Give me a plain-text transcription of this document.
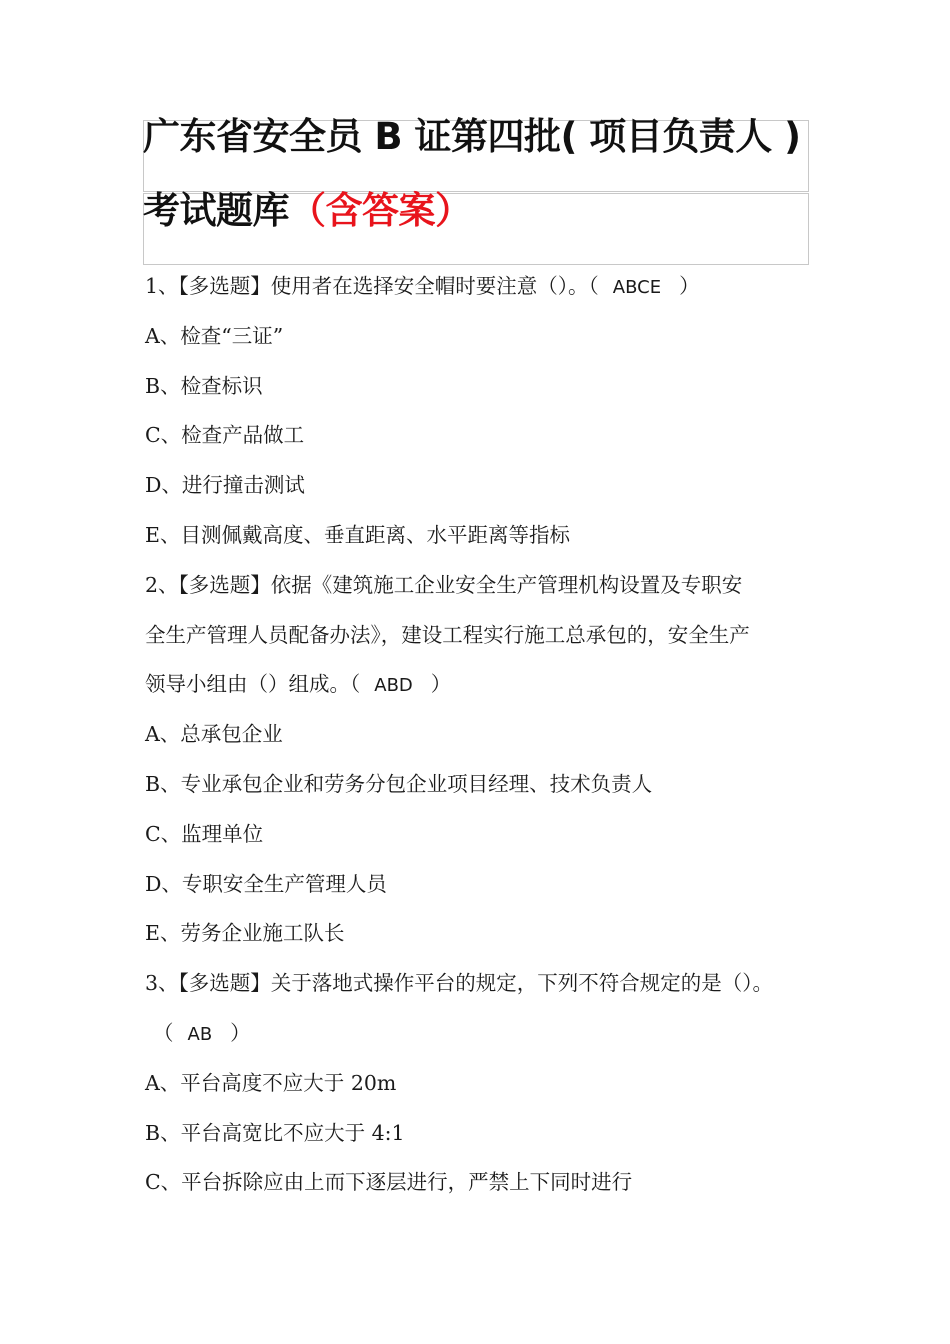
广东省安全员 B 证第四批( 项目负责人 )
考试题库（含答案）
1、【多选题】使用者在选择安全帽时要注意（）。（ ABCE ）
A、检查“三证”
B、检查标识
C、检查产品做工
D、进行撞击测试
E、目测佩戴高度、垂直距离、水平距离等指标
2、【多选题】依据《建筑施工企业安全生产管理机构设置及专职安
全生产管理人员配备办法》，建设工程实行施工总承包的，安全生产
领导小组由（）组成。（ ABD ）
A、总承包企业
B、专业承包企业和劳务分包企业项目经理、技术负责人
C、监理单位
D、专职安全生产管理人员
E、劳务企业施工队长
3、【多选题】关于落地式操作平台的规定，下列不符合规定的是（）。
（ AB ）
A、平台高度不应大于 20m
B、平台高宽比不应大于 4:1
C、平台拆除应由上而下逐层进行，严禁上下同时进行
